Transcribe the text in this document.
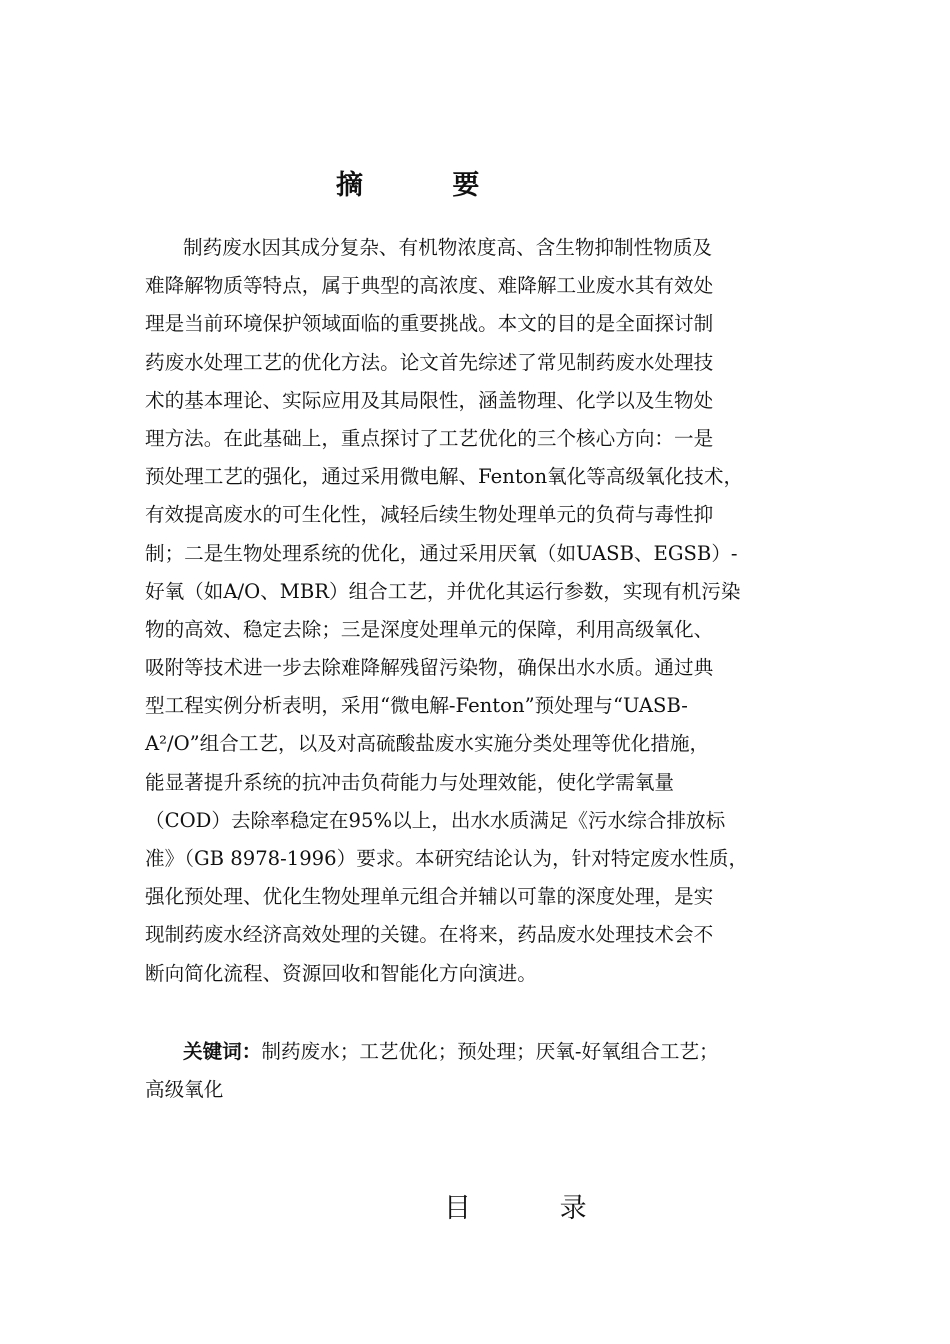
摘 要
制药废水因其成分复杂、有机物浓度高、含生物抑制性物质及
难降解物质等特点，属于典型的高浓度、难降解工业废水其有效处
理是当前环境保护领域面临的重要挑战。本文的目的是全面探讨制
药废水处理工艺的优化方法。论文首先综述了常见制药废水处理技
术的基本理论、实际应用及其局限性，涵盖物理、化学以及生物处
理方法。在此基础上，重点探讨了工艺优化的三个核心方向：一是
预处理工艺的强化，通过采用微电解、Fenton氧化等高级氧化技术，
有效提高废水的可生化性，减轻后续生物处理单元的负荷与毒性抑
制；二是生物处理系统的优化，通过采用厌氧（如UASB、EGSB）-
好氧（如A/O、MBR）组合工艺，并优化其运行参数，实现有机污染
物的高效、稳定去除；三是深度处理单元的保障，利用高级氧化、
吸附等技术进一步去除难降解残留污染物，确保出水水质。通过典
型工程实例分析表明，采用“微电解-Fenton”预处理与“UASB-
A²/O”组合工艺，以及对高硫酸盐废水实施分类处理等优化措施，
能显著提升系统的抗冲击负荷能力与处理效能，使化学需氧量
（COD）去除率稳定在95%以上，出水水质满足《污水综合排放标
准》（GB 8978-1996）要求。本研究结论认为，针对特定废水性质，
强化预处理、优化生物处理单元组合并辅以可靠的深度处理，是实
现制药废水经济高效处理的关键。在将来，药品废水处理技术会不
断向简化流程、资源回收和智能化方向演进。
关键词：制药废水；工艺优化；预处理；厌氧-好氧组合工艺；
高级氧化
目 录
